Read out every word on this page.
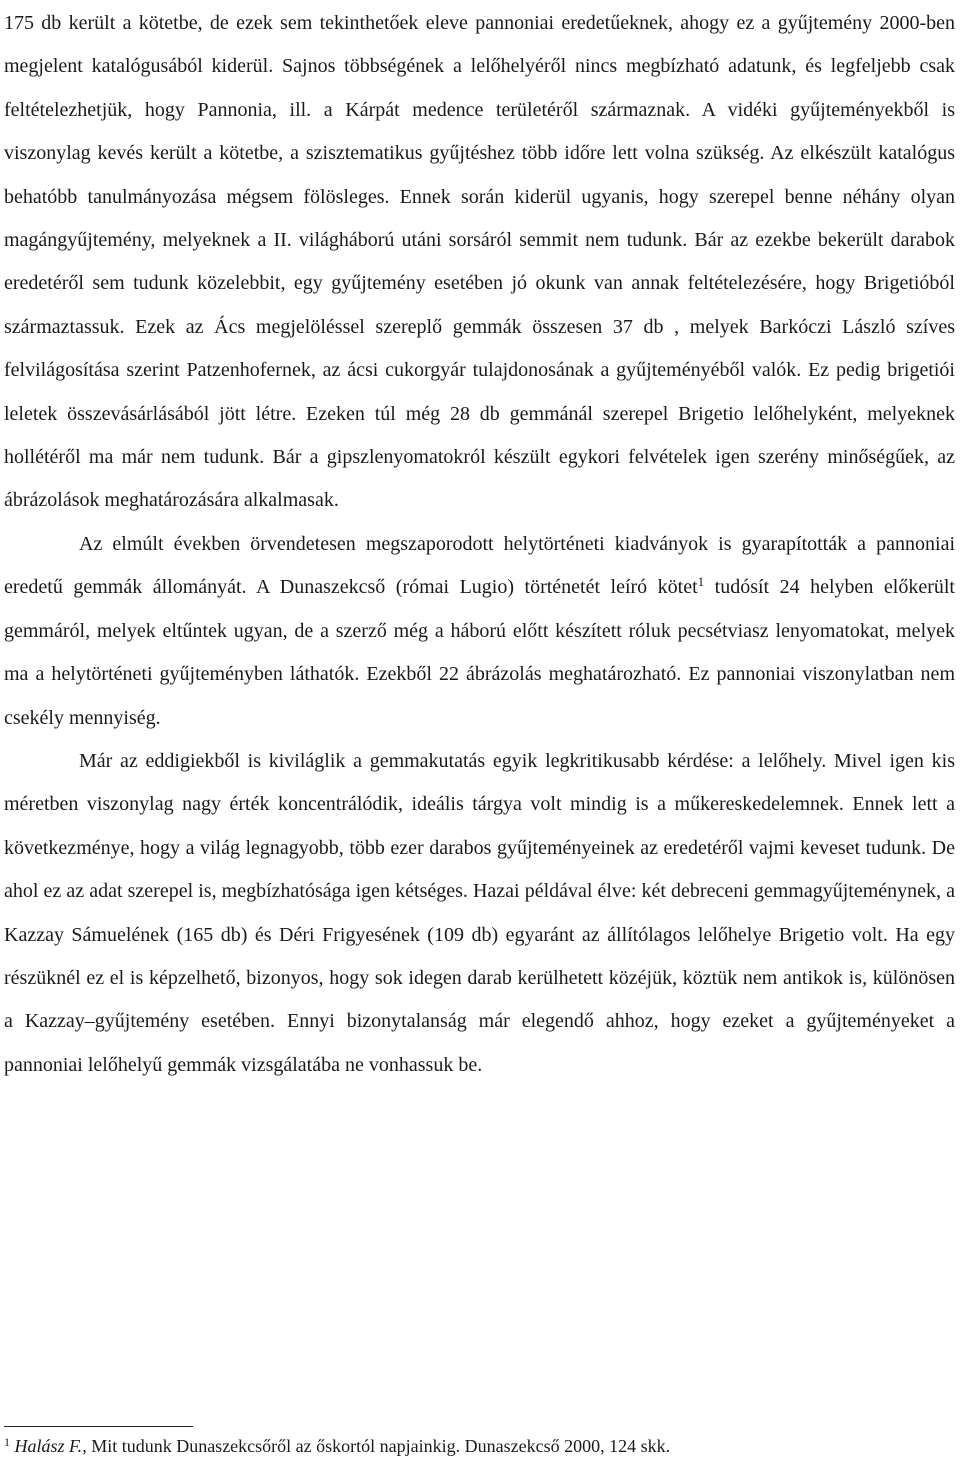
175 db került a kötetbe, de ezek sem tekinthetőek eleve pannoniai eredetűeknek, ahogy ez a gyűjtemény 2000-ben megjelent katalógusából kiderül. Sajnos többségének a lelőhelyéről nincs megbízható adatunk, és legfeljebb csak feltételezhetjük, hogy Pannonia, ill. a Kárpát medence területéről származnak. A vidéki gyűjteményekből is viszonylag kevés került a kötetbe, a szisztematikus gyűjtéshez több időre lett volna szükség. Az elkészült katalógus behatóbb tanulmányozása mégsem fölösleges. Ennek során kiderül ugyanis, hogy szerepel benne néhány olyan magángyűjtemény, melyeknek a II. világháború utáni sorsáról semmit nem tudunk. Bár az ezekbe bekerült darabok eredetéről sem tudunk közelebbit, egy gyűjtemény esetében jó okunk van annak feltételezésére, hogy Brigetióból származtassuk. Ezek az Ács megjelöléssel szereplő gemmák összesen 37 db , melyek Barkóczi László szíves felvilágosítása szerint Patzenhofernek, az ácsi cukorgyár tulajdonosának a gyűjteményéből valók. Ez pedig brigetiói leletek összevásárlásából jött létre. Ezeken túl még 28 db gemmánál szerepel Brigetio lelőhelyként, melyeknek hollétéről ma már nem tudunk. Bár a gipszlenyomatokról készült egykori felvételek igen szerény minőségűek, az ábrázolások meghatározására alkalmasak.

Az elmúlt években örvendetesen megszaporodott helytörténeti kiadványok is gyarapították a pannoniai eredetű gemmák állományát. A Dunaszekcső (római Lugio) történetét leíró kötet$^1$ tudósít 24 helyben előkerült gemmáról, melyek eltűntek ugyan, de a szerző még a háború előtt készített róluk pecsétviasz lenyomatokat, melyek ma a helytörténeti gyűjteményben láthatók. Ezekből 22 ábrázolás meghatározható. Ez pannoniai viszonylatban nem csekély mennyiség.

Már az eddigiekből is kiviláglik a gemmakutatás egyik legkritikusabb kérdése: a lelőhely. Mivel igen kis méretben viszonylag nagy érték koncentrálódik, ideális tárgya volt mindig is a műkereskedelemnek. Ennek lett a következménye, hogy a világ legnagyobb, több ezer darabos gyűjteményeinek az eredetéről vajmi keveset tudunk. De ahol ez az adat szerepel is, megbízhatósága igen kétséges. Hazai példával élve: két debreceni gemmagyűjteménynek, a Kazzay Sámuelének (165 db) és Déri Frigyesének (109 db) egyaránt az állítólagos lelőhelye Brigetio volt. Ha egy részüknél ez el is képzelhető, bizonyos, hogy sok idegen darab kerülhetett közéjük, köztük nem antikok is, különösen a Kazzay–gyűjtemény esetében. Ennyi bizonytalanság már elegendő ahhoz, hogy ezeket a gyűjteményeket a pannoniai lelőhelyű gemmák vizsgálatába ne vonhassuk be.

$^1$ Halász F., Mit tudunk Dunaszekcsőről az őskortól napjainkig. Dunaszekcső 2000, 124 skk.
